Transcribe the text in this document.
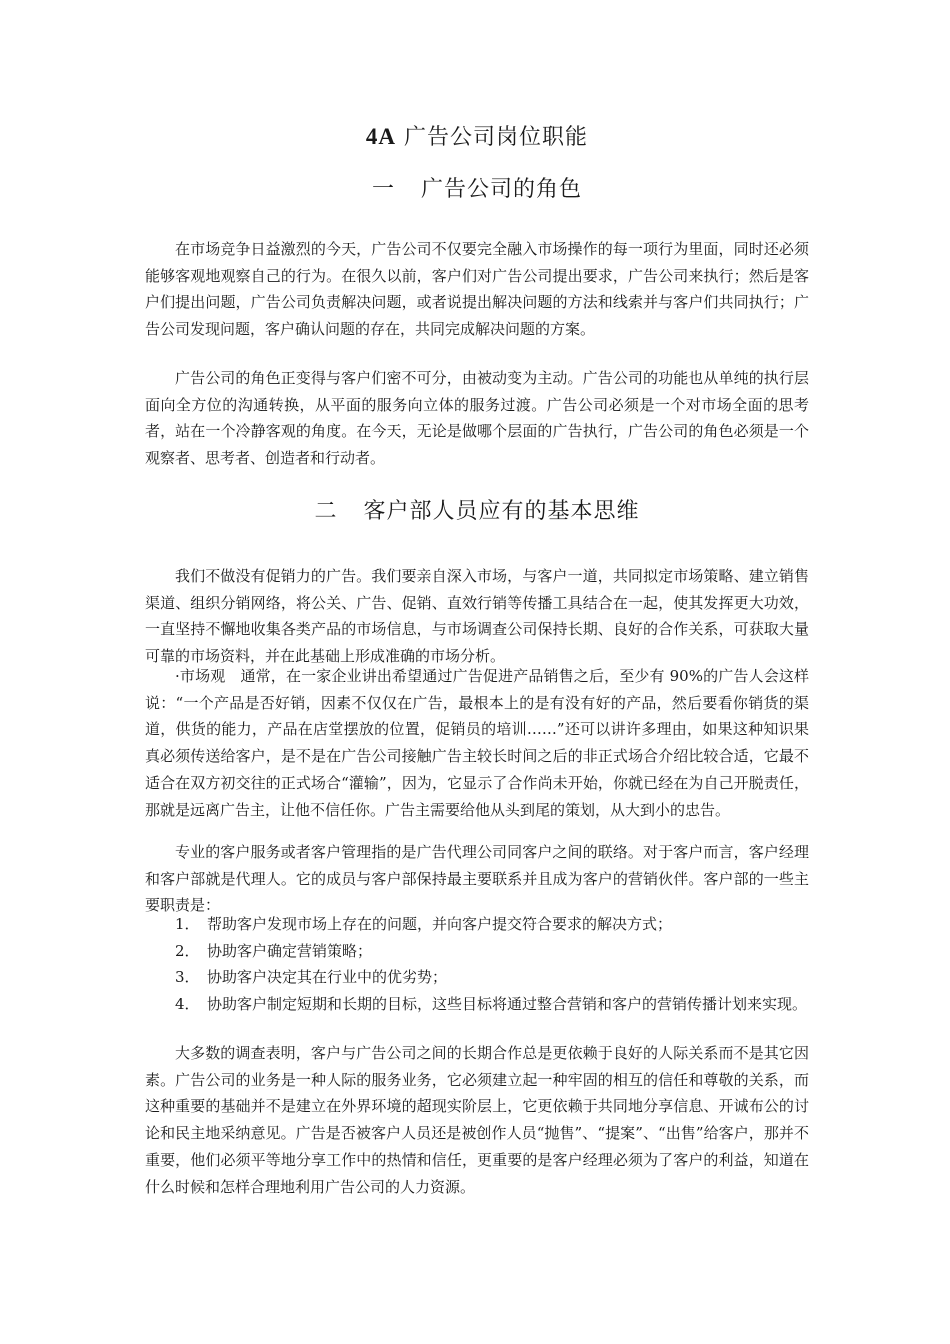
4A 广告公司岗位职能
一 广告公司的角色

在市场竞争日益激烈的今天，广告公司不仅要完全融入市场操作的每一项行为里面，同时还必须能够客观地观察自己的行为。在很久以前，客户们对广告公司提出要求，广告公司来执行；然后是客户们提出问题，广告公司负责解决问题，或者说提出解决问题的方法和线索并与客户们共同执行；广告公司发现问题，客户确认问题的存在，共同完成解决问题的方案。

广告公司的角色正变得与客户们密不可分，由被动变为主动。广告公司的功能也从单纯的执行层面向全方位的沟通转换，从平面的服务向立体的服务过渡。广告公司必须是一个对市场全面的思考者，站在一个冷静客观的角度。在今天，无论是做哪个层面的广告执行，广告公司的角色必须是一个观察者、思考者、创造者和行动者。

二 客户部人员应有的基本思维

我们不做没有促销力的广告。我们要亲自深入市场，与客户一道，共同拟定市场策略、建立销售渠道、组织分销网络，将公关、广告、促销、直效行销等传播工具结合在一起，使其发挥更大功效，一直坚持不懈地收集各类产品的市场信息，与市场调查公司保持长期、良好的合作关系，可获取大量可靠的市场资料，并在此基础上形成准确的市场分析。

·市场观　通常，在一家企业讲出希望通过广告促进产品销售之后，至少有 90%的广告人会这样说：“一个产品是否好销，因素不仅仅在广告，最根本上的是有没有好的产品，然后要看你销货的渠道，供货的能力，产品在店堂摆放的位置，促销员的培训……”还可以讲许多理由，如果这种知识果真必须传送给客户，是不是在广告公司接触广告主较长时间之后的非正式场合介绍比较合适，它最不适合在双方初交往的正式场合“灌输”，因为，它显示了合作尚未开始，你就已经在为自己开脱责任，那就是远离广告主，让他不信任你。广告主需要给他从头到尾的策划，从大到小的忠告。

专业的客户服务或者客户管理指的是广告代理公司同客户之间的联络。对于客户而言，客户经理和客户部就是代理人。它的成员与客户部保持最主要联系并且成为客户的营销伙伴。客户部的一些主要职责是：

1． 帮助客户发现市场上存在的问题，并向客户提交符合要求的解决方式；
2． 协助客户确定营销策略；
3． 协助客户决定其在行业中的优劣势；
4． 协助客户制定短期和长期的目标，这些目标将通过整合营销和客户的营销传播计划来实现。

大多数的调查表明，客户与广告公司之间的长期合作总是更依赖于良好的人际关系而不是其它因素。广告公司的业务是一种人际的服务业务，它必须建立起一种牢固的相互的信任和尊敬的关系，而这种重要的基础并不是建立在外界环境的超现实阶层上，它更依赖于共同地分享信息、开诚布公的讨论和民主地采纳意见。广告是否被客户人员还是被创作人员“抛售”、“提案”、“出售”给客户，那并不重要，他们必须平等地分享工作中的热情和信任，更重要的是客户经理必须为了客户的利益，知道在什么时候和怎样合理地利用广告公司的人力资源。
